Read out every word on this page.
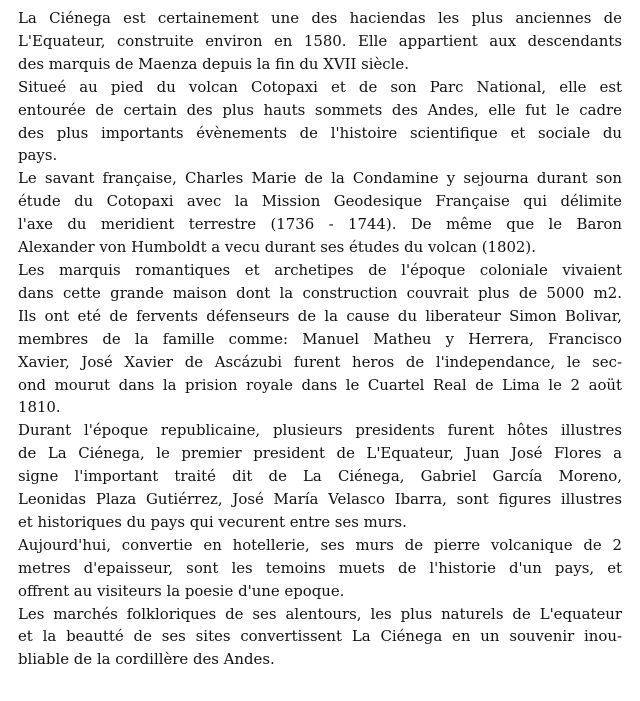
La Ciénega est certainement une des haciendas les plus anciennes de
L'Equateur, construite environ en 1580. Elle appartient aux descendants
des marquis de Maenza depuis la fin du XVII siècle.

Situeé au pied du volcan Cotopaxi et de son Parc National, elle est
entourée de certain des plus hauts sommets des Andes, elle fut le cadre
des plus importants évènements de l'histoire scientifique et sociale du
pays.

Le savant française, Charles Marie de la Condamine y sejourna durant son
étude du Cotopaxi avec la Mission Geodesique Française qui délimite
l'axe du meridient terrestre (1736 - 1744). De même que le Baron
Alexander von Humboldt a vecu durant ses études du volcan (1802).

Les marquis romantiques et archetipes de l'époque coloniale vivaient
dans cette grande maison dont la construction couvrait plus de 5000 m2.
Ils ont eté de fervents défenseurs de la cause du liberateur Simon Bolivar,
membres de la famille comme: Manuel Matheu y Herrera, Francisco
Xavier, José Xavier de Ascázubi furent heros de l'independance, le sec-
ond mourut dans la prision royale dans le Cuartel Real de Lima le 2 aoüt
1810.

Durant l'époque republicaine, plusieurs presidents furent hôtes illustres
de La Ciénega, le premier president de L'Equateur, Juan José Flores a
signe l'important traité dit de La Ciénega, Gabriel García Moreno,
Leonidas Plaza Gutiérrez, José María Velasco Ibarra, sont figures illustres
et historiques du pays qui vecurent entre ses murs.

Aujourd'hui, convertie en hotellerie, ses murs de pierre volcanique de 2
metres d'epaisseur, sont les temoins muets de l'historie d'un pays, et
offrent au visiteurs la poesie d'une epoque.

Les marchés folkloriques de ses alentours, les plus naturels de L'equateur
et la beautté de ses sites convertissent La Ciénega en un souvenir inou-
bliable de la cordillère des Andes.
